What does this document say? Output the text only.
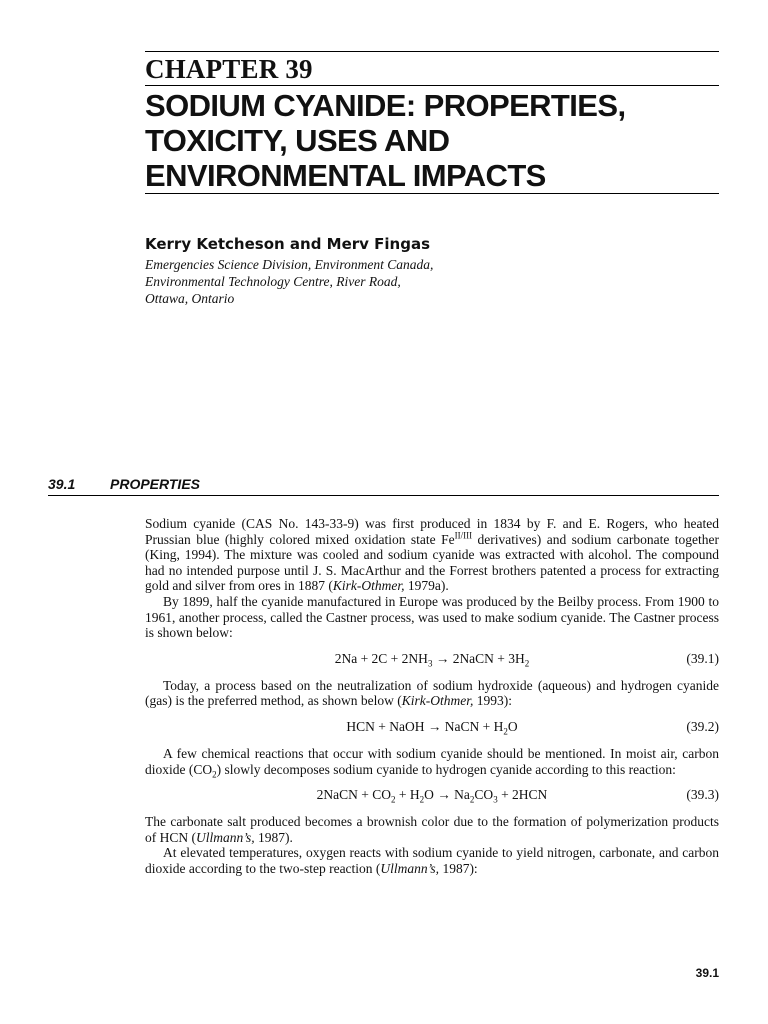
CHAPTER 39
SODIUM CYANIDE: PROPERTIES,
TOXICITY, USES AND
ENVIRONMENTAL IMPACTS
Kerry Ketcheson and Merv Fingas
Emergencies Science Division, Environment Canada,
Environmental Technology Centre, River Road,
Ottawa, Ontario
39.1 PROPERTIES

Sodium cyanide (CAS No. 143-33-9) was first produced in 1834 by F. and E. Rogers, who heated Prussian blue (highly colored mixed oxidation state $Fe^{II/III}$ derivatives) and sodium carbonate together (King, 1994). The mixture was cooled and sodium cyanide was extracted with alcohol. The compound had no intended purpose until J. S. MacArthur and the Forrest brothers patented a process for extracting gold and silver from ores in 1887 (Kirk-Othmer, 1979a).

By 1899, half the cyanide manufactured in Europe was produced by the Beilby process. From 1900 to 1961, another process, called the Castner process, was used to make sodium cyanide. The Castner process is shown below:

$2Na + 2C + 2NH_3$ → 2NaCN + $3H_2$	(39.1)

Today, a process based on the neutralization of sodium hydroxide (aqueous) and hydrogen cyanide (gas) is the preferred method, as shown below (Kirk-Othmer, 1993):

HCN + NaOH → NaCN + $H_2O$	(39.2)

A few chemical reactions that occur with sodium cyanide should be mentioned. In moist air, carbon dioxide $(CO_2)$ slowly decomposes sodium cyanide to hydrogen cyanide according to this reaction:

2NaCN + $CO_2 + H_2O \to Na_2CO_3 + 2HCN$	(39.3)

The carbonate salt produced becomes a brownish color due to the formation of polymerization products of HCN (Ullmann’s, 1987).

At elevated temperatures, oxygen reacts with sodium cyanide to yield nitrogen, carbonate, and carbon dioxide according to the two-step reaction (Ullmann’s, 1987):

39.1
